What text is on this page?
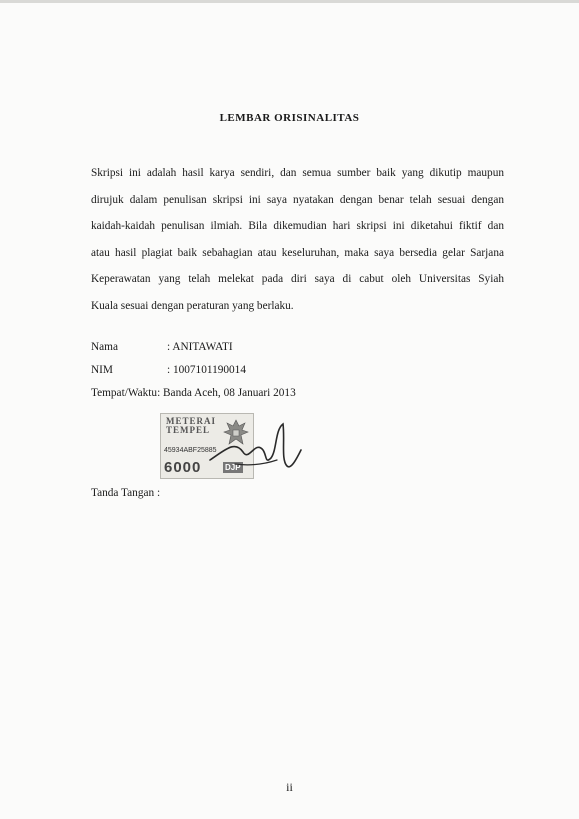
LEMBAR ORISINALITAS
Skripsi ini adalah hasil karya sendiri, dan semua sumber baik yang dikutip maupun
dirujuk dalam penulisan skripsi ini saya nyatakan dengan benar telah sesuai dengan
kaidah-kaidah penulisan ilmiah. Bila dikemudian hari skripsi ini diketahui fiktif dan
atau hasil plagiat baik sebahagian atau keseluruhan, maka saya bersedia gelar Sarjana
Keperawatan yang telah melekat pada diri saya di cabut oleh Universitas Syiah
Kuala sesuai dengan peraturan yang berlaku.
Nama	: ANITAWATI
NIM	: 1007101190014
Tempat/Waktu: Banda Aceh, 08 Januari 2013
METERAI
TEMPEL
45934ABF25885
6000	DJP
Tanda Tangan :
ii
